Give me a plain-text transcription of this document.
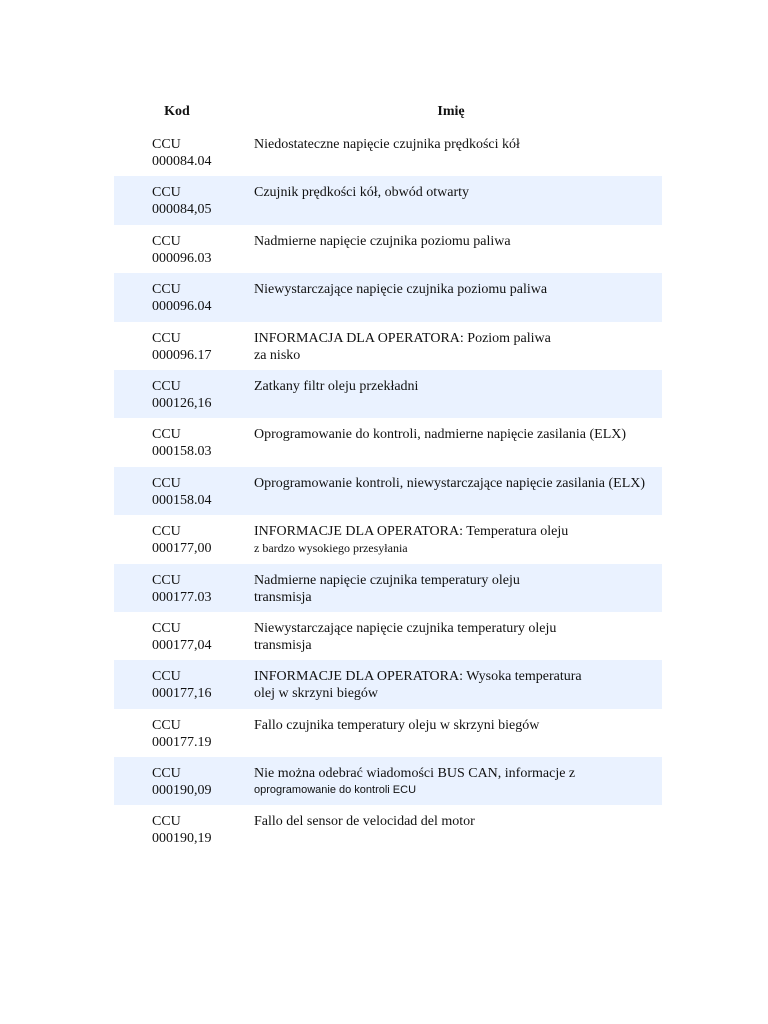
Kod	Imię
CCU
000084.04
Niedostateczne napięcie czujnika prędkości kół
CCU
000084,05
Czujnik prędkości kół, obwód otwarty
CCU
000096.03
Nadmierne napięcie czujnika poziomu paliwa
CCU
000096.04
Niewystarczające napięcie czujnika poziomu paliwa
CCU
000096.17
INFORMACJA DLA OPERATORA: Poziom paliwa
za nisko
CCU
000126,16
Zatkany filtr oleju przekładni
CCU
000158.03
Oprogramowanie do kontroli, nadmierne napięcie zasilania (ELX)
CCU
000158.04
Oprogramowanie kontroli, niewystarczające napięcie zasilania (ELX)
CCU
000177,00
INFORMACJE DLA OPERATORA: Temperatura oleju
z bardzo wysokiego przesyłania
CCU
000177.03
Nadmierne napięcie czujnika temperatury oleju
transmisja
CCU
000177,04
Niewystarczające napięcie czujnika temperatury oleju
transmisja
CCU
000177,16
INFORMACJE DLA OPERATORA: Wysoka temperatura
olej w skrzyni biegów
CCU
000177.19
Fallo czujnika temperatury oleju w skrzyni biegów
CCU
000190,09
Nie można odebrać wiadomości BUS CAN, informacje z
oprogramowanie do kontroli ECU
CCU
000190,19
Fallo del sensor de velocidad del motor
